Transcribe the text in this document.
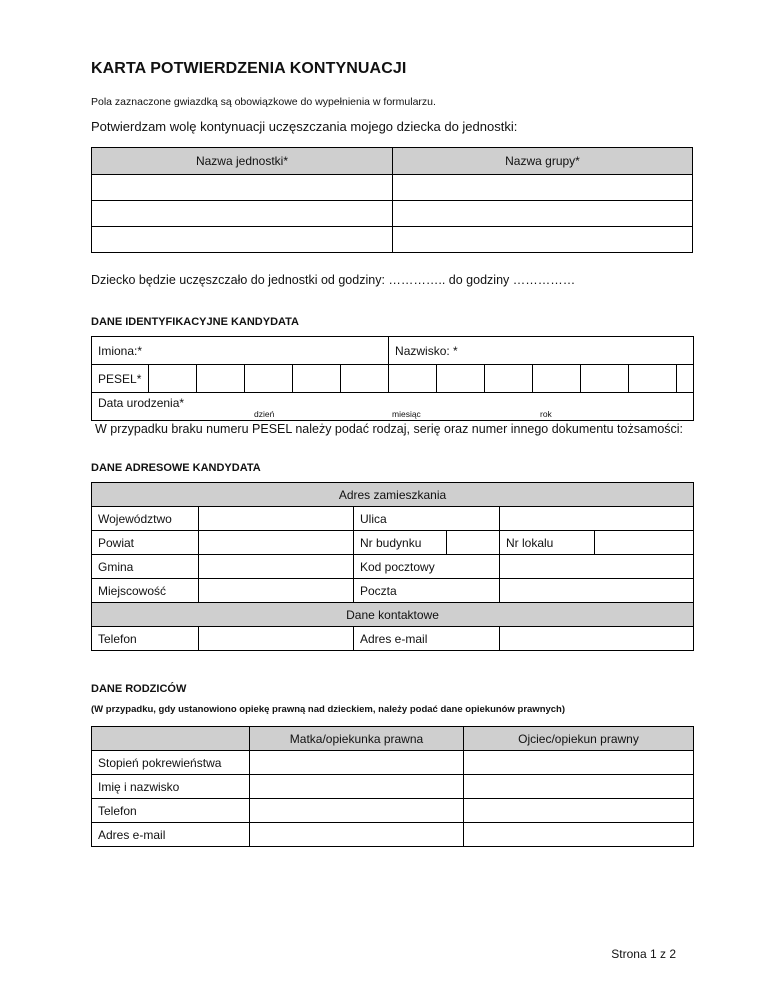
KARTA POTWIERDZENIA KONTYNUACJI
Pola zaznaczone gwiazdką są obowiązkowe do wypełnienia w formularzu.
Potwierdzam wolę kontynuacji uczęszczania mojego dziecka do jednostki:
Nazwa jednostki*	Nazwa grupy*

Dziecko będzie uczęszczało do jednostki od godziny: ………….. do godziny ……………
DANE IDENTYFIKACYJNE KANDYDATA
Imiona:*						Nazwisko: *						
PESEL*												

Data urodzenia*
dzień miesiąc rok												
W przypadku braku numeru PESEL należy podać rodzaj, serię oraz numer innego dokumentu tożsamości:
DANE ADRESOWE KANDYDATA
Adres zamieszkania					
Województwo		Ulica			
Powiat		Nr budynku		Nr lokalu	
Gmina		Kod pocztowy			
Miejscowość		Poczta			
Dane kontaktowe					
Telefon		Adres e-mail			
DANE RODZICÓW
(W przypadku, gdy ustanowiono opiekę prawną nad dzieckiem, należy podać dane opiekunów prawnych)
	Matka/opiekunka prawna	Ojciec/opiekun prawny
Stopień pokrewieństwa		
Imię i nazwisko		
Telefon		
Adres e-mail		
Strona 1 z 2
